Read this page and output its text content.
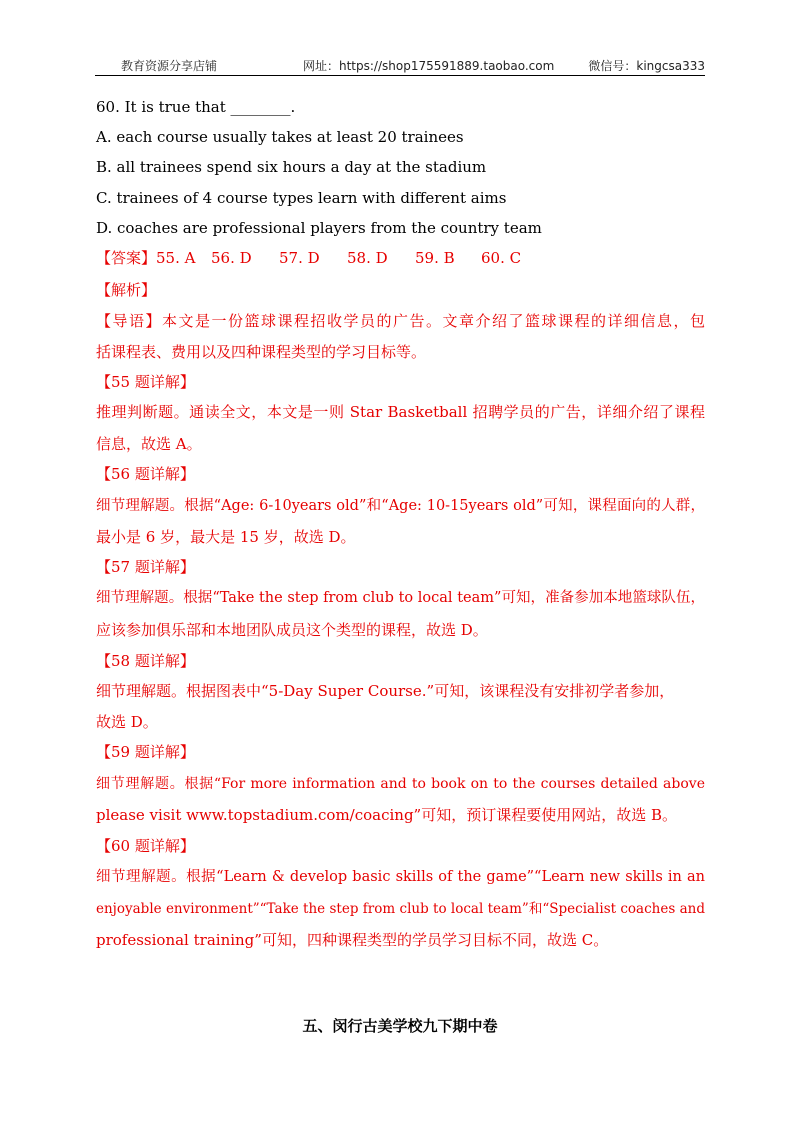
教育资源分享店铺	网址：https://shop175591889.taobao.com	微信号：kingcsa333
60. It is true that ________.
A. each course usually takes at least 20 trainees
B. all trainees spend six hours a day at the stadium
C. trainees of 4 course types learn with different aims
D. coaches are professional players from the country team
【答案】55. A 56. D 57. D 58. D 59. B 60. C
【解析】
【导语】本文是一份篮球课程招收学员的广告。文章介绍了篮球课程的详细信息，包
括课程表、费用以及四种课程类型的学习目标等。
【55 题详解】
推理判断题。通读全文，本文是一则 Star Basketball 招聘学员的广告，详细介绍了课程
信息，故选 A。
【56 题详解】
细节理解题。根据“Age: 6-10years old”和“Age: 10-15years old”可知，课程面向的人群，
最小是 6 岁，最大是 15 岁，故选 D。
【57 题详解】
细节理解题。根据“Take the step from club to local team”可知，准备参加本地篮球队伍，
应该参加俱乐部和本地团队成员这个类型的课程，故选 D。
【58 题详解】
细节理解题。根据图表中“5-Day Super Course.”可知，该课程没有安排初学者参加，
故选 D。
【59 题详解】
细节理解题。根据“For more information and to book on to the courses detailed above
please visit www.topstadium.com/coacing”可知，预订课程要使用网站，故选 B。
【60 题详解】
细节理解题。根据“Learn & develop basic skills of the game”“Learn new skills in an
enjoyable environment”“Take the step from club to local team”和“Specialist coaches and
professional training”可知，四种课程类型的学员学习目标不同，故选 C。
五、闵行古美学校九下期中卷
